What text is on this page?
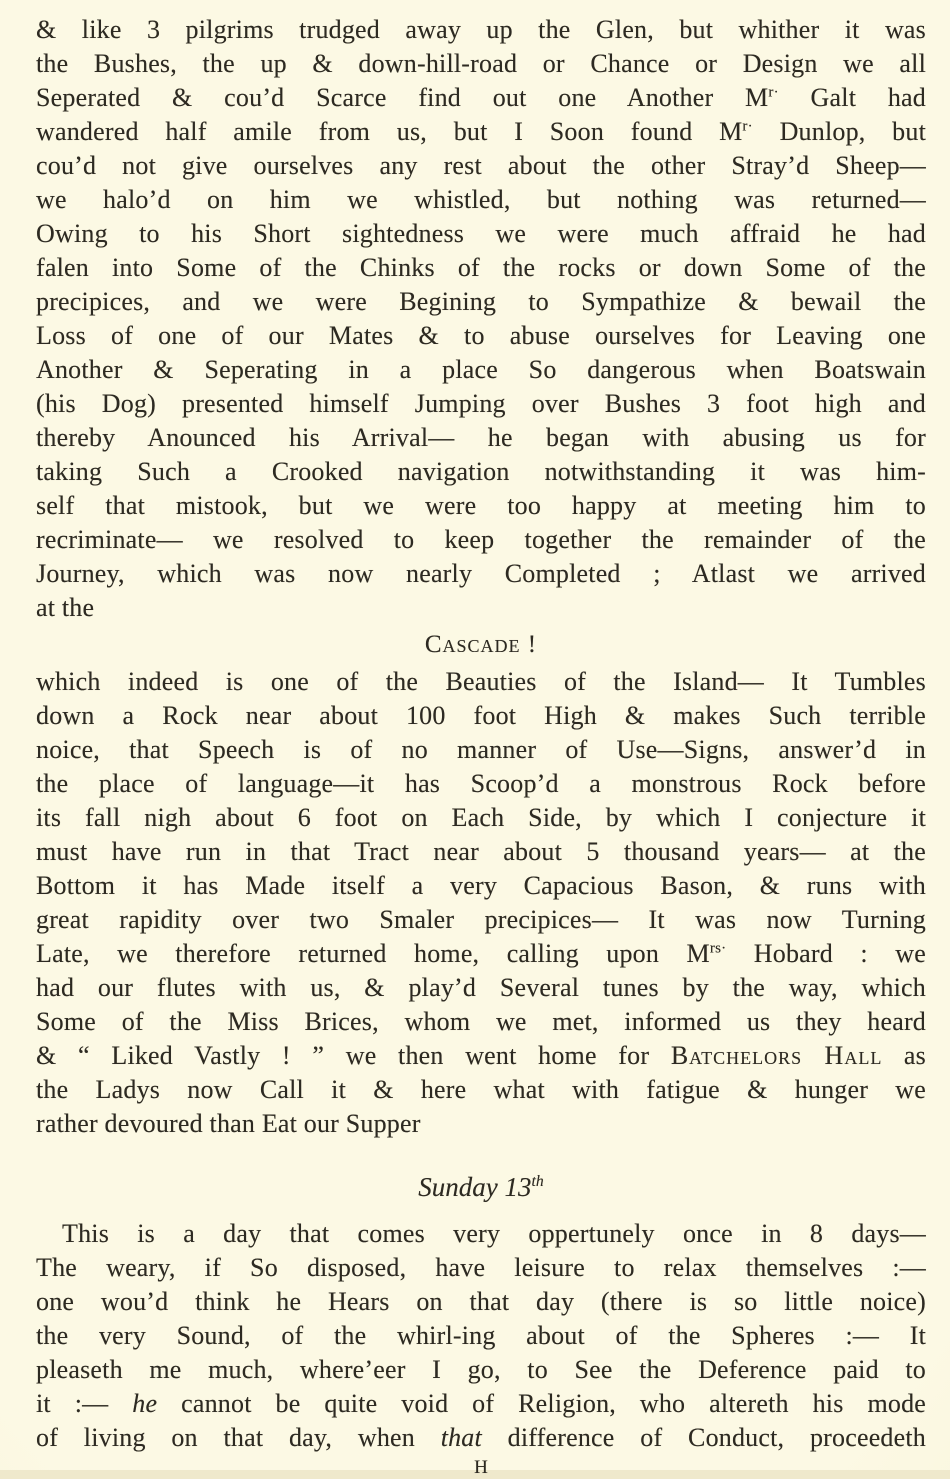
& like 3 pilgrims trudged away up the Glen, but whither it was
the Bushes, the up & down-hill-road or Chance or Design we all
Seperated & cou’d Scarce find out one Another $M^{r\cdot}$ Galt had
wandered half amile from us, but I Soon found $M^{r\cdot}$ Dunlop, but
cou’d not give ourselves any rest about the other Stray’d Sheep—
we halo’d on him we whistled, but nothing was returned—
Owing to his Short sightedness we were much affraid he had
falen into Some of the Chinks of the rocks or down Some of the
precipices, and we were Begining to Sympathize & bewail the
Loss of one of our Mates & to abuse ourselves for Leaving one
Another & Seperating in a place So dangerous when Boatswain
(his Dog) presented himself Jumping over Bushes 3 foot high and
thereby Anounced his Arrival— he began with abusing us for
taking Such a Crooked navigation notwithstanding it was him-
self that mistook, but we were too happy at meeting him to
recriminate— we resolved to keep together the remainder of the
Journey, which was now nearly Completed ; Atlast we arrived
at the
Cascade !
which indeed is one of the Beauties of the Island— It Tumbles
down a Rock near about 100 foot High & makes Such terrible
noice, that Speech is of no manner of Use—Signs, answer’d in
the place of language—it has Scoop’d a monstrous Rock before
its fall nigh about 6 foot on Each Side, by which I conjecture it
must have run in that Tract near about 5 thousand years— at the
Bottom it has Made itself a very Capacious Bason, & runs with
great rapidity over two Smaler precipices— It was now Turning
Late, we therefore returned home, calling upon $M^{rs\cdot}$ Hobard : we
had our flutes with us, & play’d Several tunes by the way, which
Some of the Miss Brices, whom we met, informed us they heard
& “ Liked Vastly ! ” we then went home for Batchelors Hall as
the Ladys now Call it & here what with fatigue & hunger we
rather devoured than Eat our Supper
Sunday 13th
This is a day that comes very oppertunely once in 8 days—
The weary, if So disposed, have leisure to relax themselves :—
one wou’d think he Hears on that day (there is so little noice)
the very Sound, of the whirl-ing about of the Spheres :— It
pleaseth me much, where’eer I go, to See the Deference paid to
it :— he cannot be quite void of Religion, who altereth his mode
of living on that day, when that difference of Conduct, proceedeth
H
